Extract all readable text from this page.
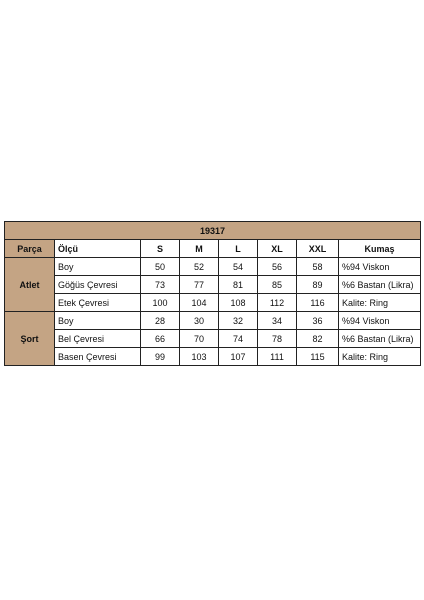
19317							
Parça	Ölçü	S	M	L	XL	XXL	Kumaş
Atlet	Boy	50	52	54	56	58	%94 Viskon
	Göğüs Çevresi	73	77	81	85	89	%6 Bastan (Likra)
	Etek Çevresi	100	104	108	112	116	Kalite: Ring
Şort	Boy	28	30	32	34	36	%94 Viskon
	Bel Çevresi	66	70	74	78	82	%6 Bastan (Likra)
	Basen Çevresi	99	103	107	111	115	Kalite: Ring
